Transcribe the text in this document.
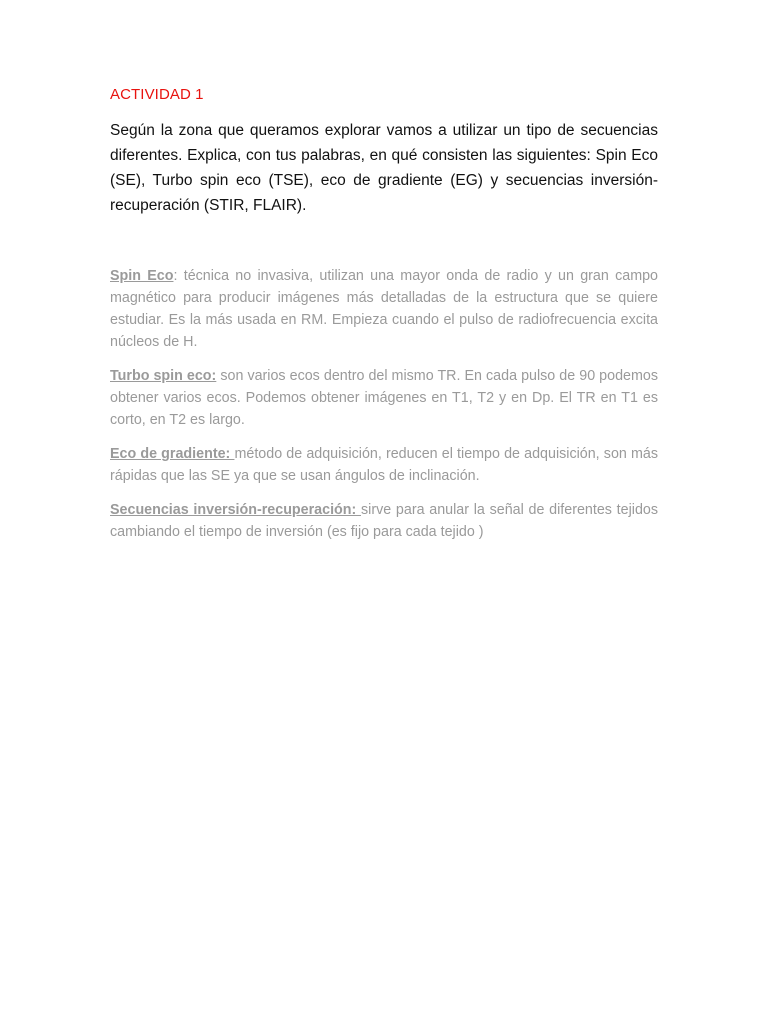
ACTIVIDAD 1

Según la zona que queramos explorar vamos a utilizar un tipo de secuencias diferentes. Explica, con tus palabras, en qué consisten las siguientes: Spin Eco (SE), Turbo spin eco (TSE), eco de gradiente (EG) y secuencias inversión-recuperación (STIR, FLAIR).

Spin Eco: técnica no invasiva, utilizan una mayor onda de radio y un gran campo magnético para producir imágenes más detalladas de la estructura que se quiere estudiar. Es la más usada en RM. Empieza cuando el pulso de radiofrecuencia excita núcleos de H.

Turbo spin eco: son varios ecos dentro del mismo TR. En cada pulso de 90 podemos obtener varios ecos. Podemos obtener imágenes en T1, T2 y en Dp. El TR en T1 es corto, en T2 es largo.

Eco de gradiente: método de adquisición, reducen el tiempo de adquisición, son más rápidas que las SE ya que se usan ángulos de inclinación.

Secuencias inversión-recuperación: sirve para anular la señal de diferentes tejidos cambiando el tiempo de inversión (es fijo para cada tejido )
